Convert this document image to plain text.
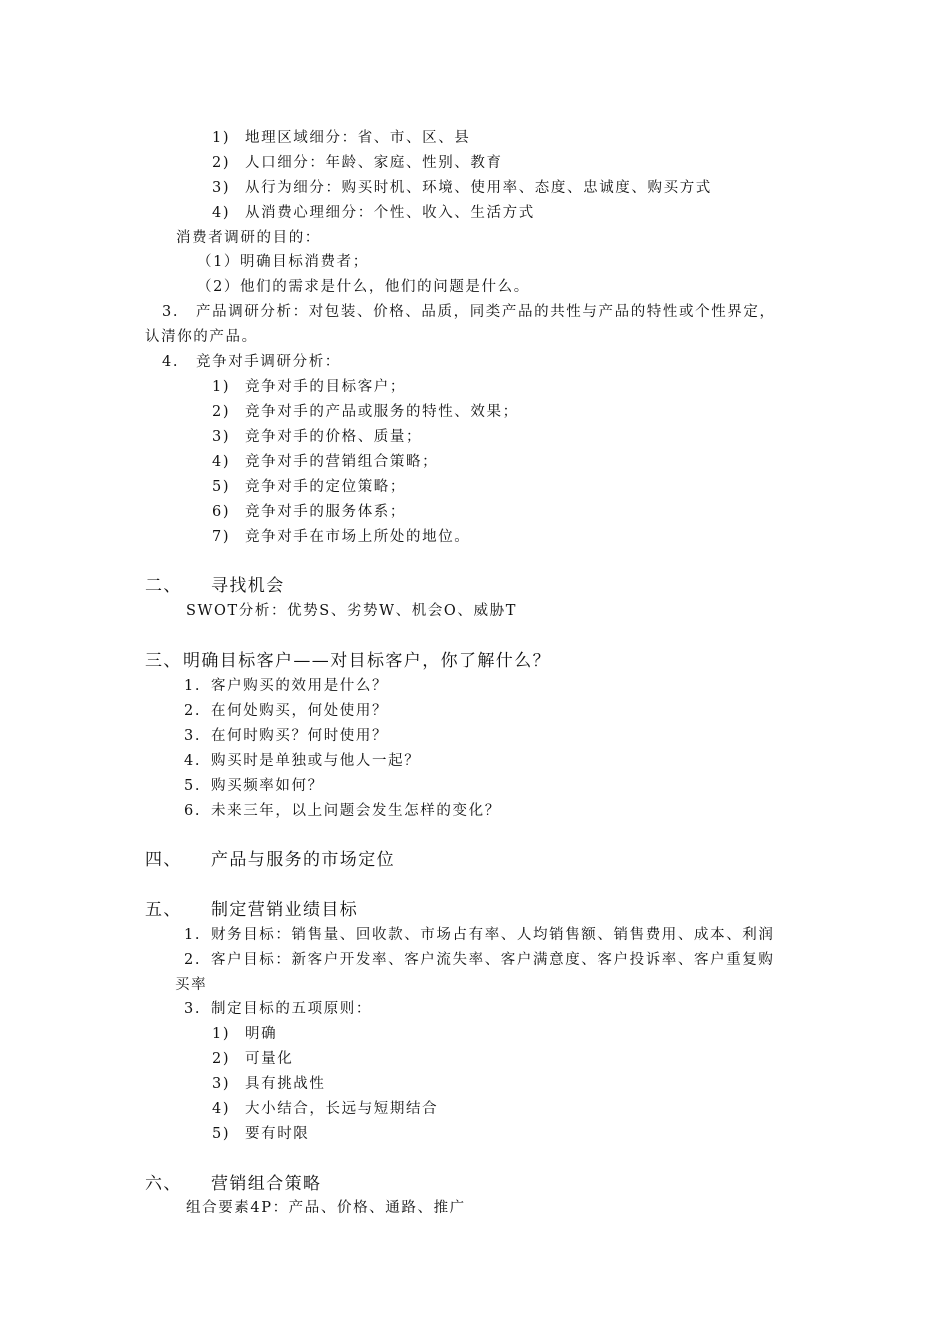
1) 地理区域细分：省、市、区、县
2) 人口细分：年龄、家庭、性别、教育
3) 从行为细分：购买时机、环境、使用率、态度、忠诚度、购买方式
4) 从消费心理细分：个性、收入、生活方式
消费者调研的目的：
（1）明确目标消费者；
（2）他们的需求是什么，他们的问题是什么。
3. 产品调研分析：对包装、价格、品质，同类产品的共性与产品的特性或个性界定，
认清你的产品。
4. 竞争对手调研分析：
1) 竞争对手的目标客户；
2) 竞争对手的产品或服务的特性、效果；
3) 竞争对手的价格、质量；
4) 竞争对手的营销组合策略；
5) 竞争对手的定位策略；
6) 竞争对手的服务体系；
7) 竞争对手在市场上所处的地位。
二、 寻找机会
SWOT分析：优势S、劣势W、机会O、威胁T
三、明确目标客户——对目标客户，你了解什么？
1. 客户购买的效用是什么？
2. 在何处购买，何处使用？
3. 在何时购买？何时使用？
4. 购买时是单独或与他人一起？
5. 购买频率如何？
6. 未来三年，以上问题会发生怎样的变化？
四、 产品与服务的市场定位
五、 制定营销业绩目标
1. 财务目标：销售量、回收款、市场占有率、人均销售额、销售费用、成本、利润
2. 客户目标：新客户开发率、客户流失率、客户满意度、客户投诉率、客户重复购
买率
3. 制定目标的五项原则：
1) 明确
2) 可量化
3) 具有挑战性
4) 大小结合，长远与短期结合
5) 要有时限
六、 营销组合策略
组合要素4P：产品、价格、通路、推广
